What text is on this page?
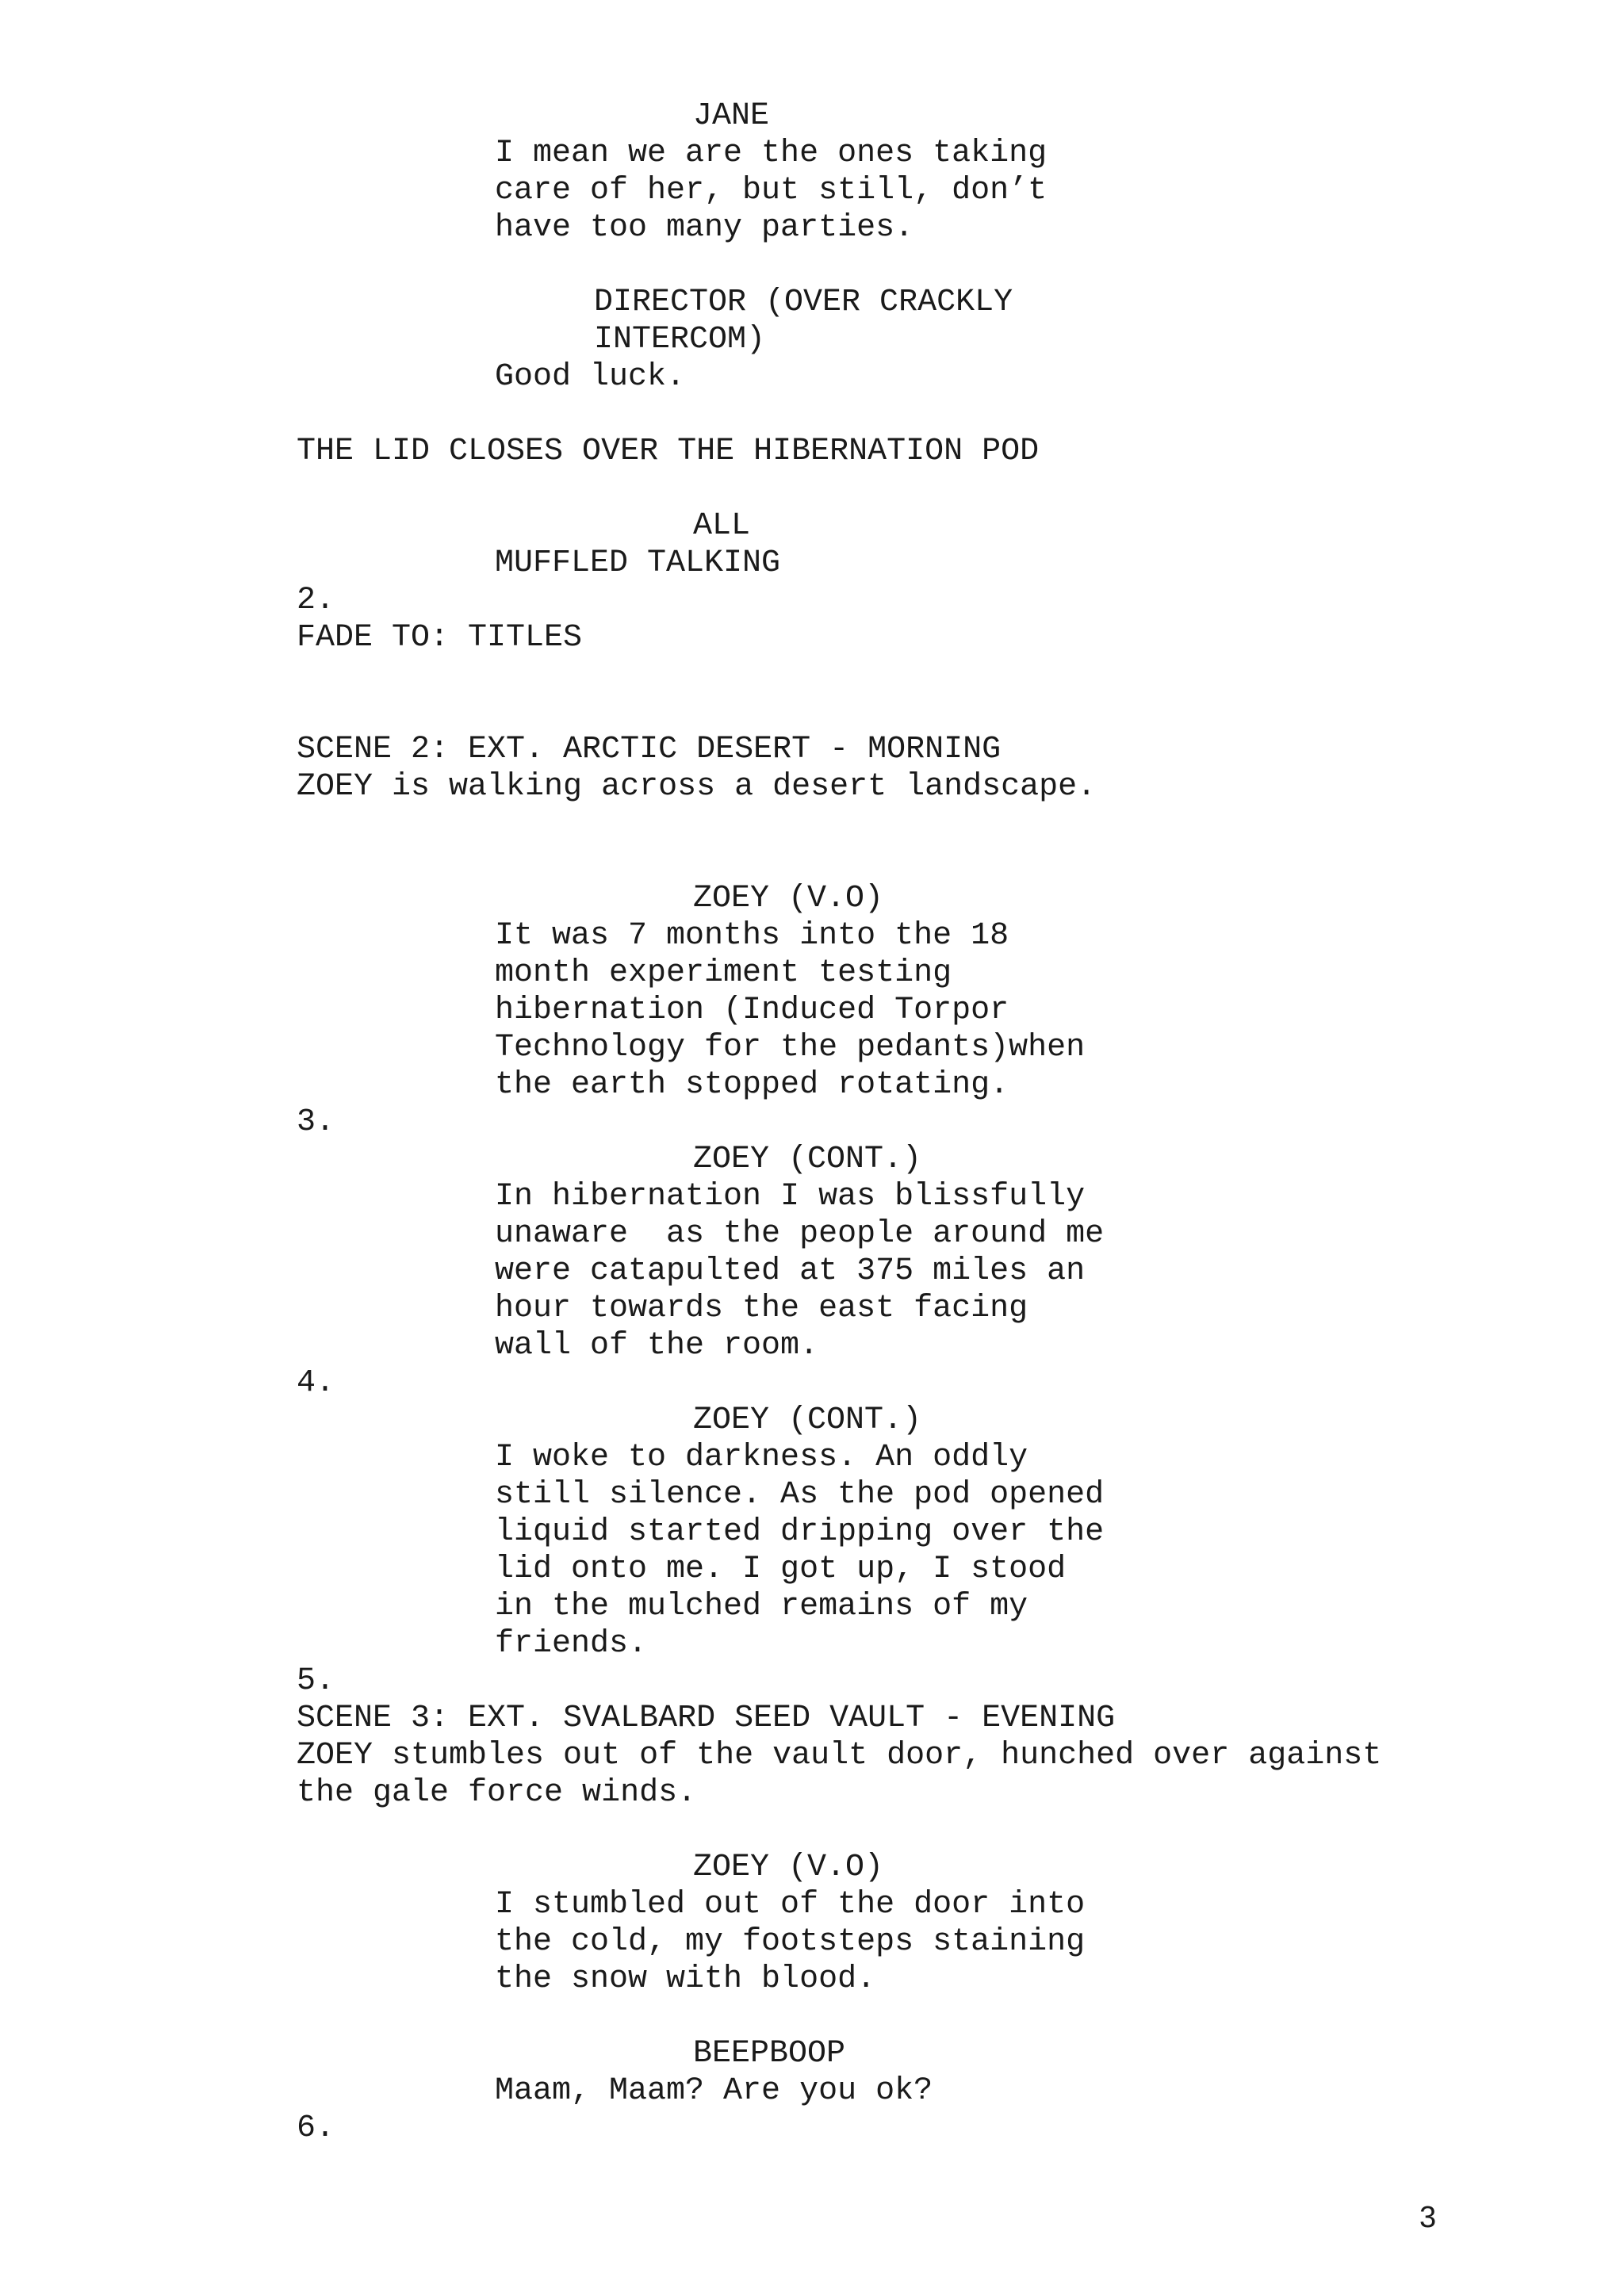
JANE

I mean we are the ones taking

care of her, but still, don’t

have too many parties.

DIRECTOR (OVER CRACKLY

INTERCOM)

Good luck.

THE LID CLOSES OVER THE HIBERNATION POD

ALL

MUFFLED TALKING

2.

FADE TO: TITLES

SCENE 2: EXT. ARCTIC DESERT - MORNING

ZOEY is walking across a desert landscape.

ZOEY (V.O)

It was 7 months into the 18

month experiment testing

hibernation (Induced Torpor

Technology for the pedants)when

the earth stopped rotating.

3.

ZOEY (CONT.)

In hibernation I was blissfully

unaware  as the people around me

were catapulted at 375 miles an

hour towards the east facing

wall of the room.

4.

ZOEY (CONT.)

I woke to darkness. An oddly

still silence. As the pod opened

liquid started dripping over the

lid onto me. I got up, I stood

in the mulched remains of my

friends.

5.

SCENE 3: EXT. SVALBARD SEED VAULT - EVENING

ZOEY stumbles out of the vault door, hunched over against

the gale force winds.

ZOEY (V.O)

I stumbled out of the door into

the cold, my footsteps staining

the snow with blood.

BEEPBOOP

Maam, Maam? Are you ok?

6.

3
